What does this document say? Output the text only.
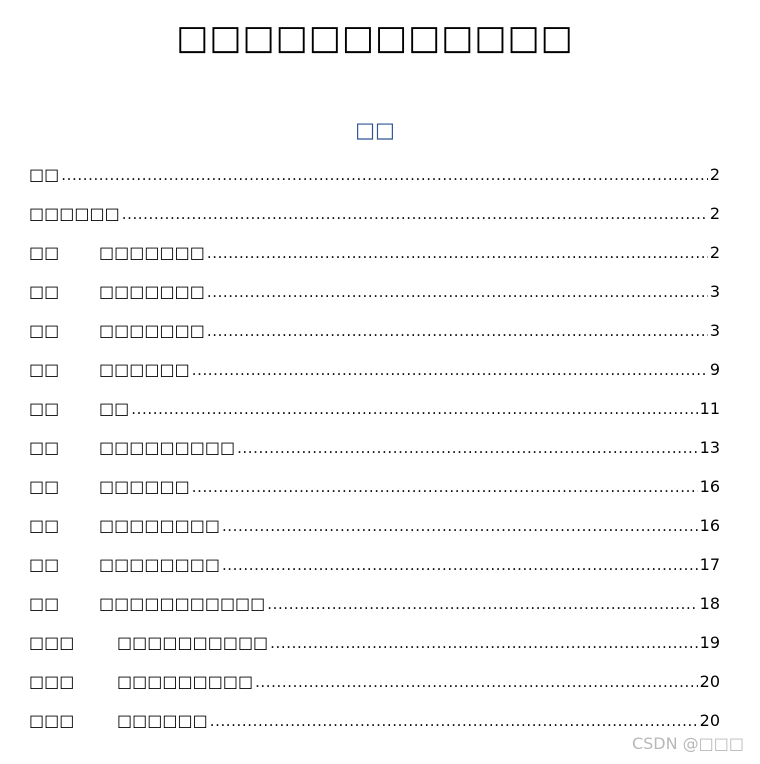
□□□□□□□□□□□□
□□
□□ .....	2
□□□□□□ .....	2
□□	□□□□□□□ .....	2
□□	□□□□□□□ .....	3
□□	□□□□□□□ .....	3
□□	□□□□□□ .....	9
□□	□□ .....	11
□□	□□□□□□□□□ .....	13
□□	□□□□□□ .....	16
□□	□□□□□□□□ .....	16
□□	□□□□□□□□ .....	17
□□	□□□□□□□□□□□ .....	18
□□□	□□□□□□□□□□ .....	19
□□□	□□□□□□□□□ .....	20
□□□	□□□□□□ .....	20
CSDN @□□□
